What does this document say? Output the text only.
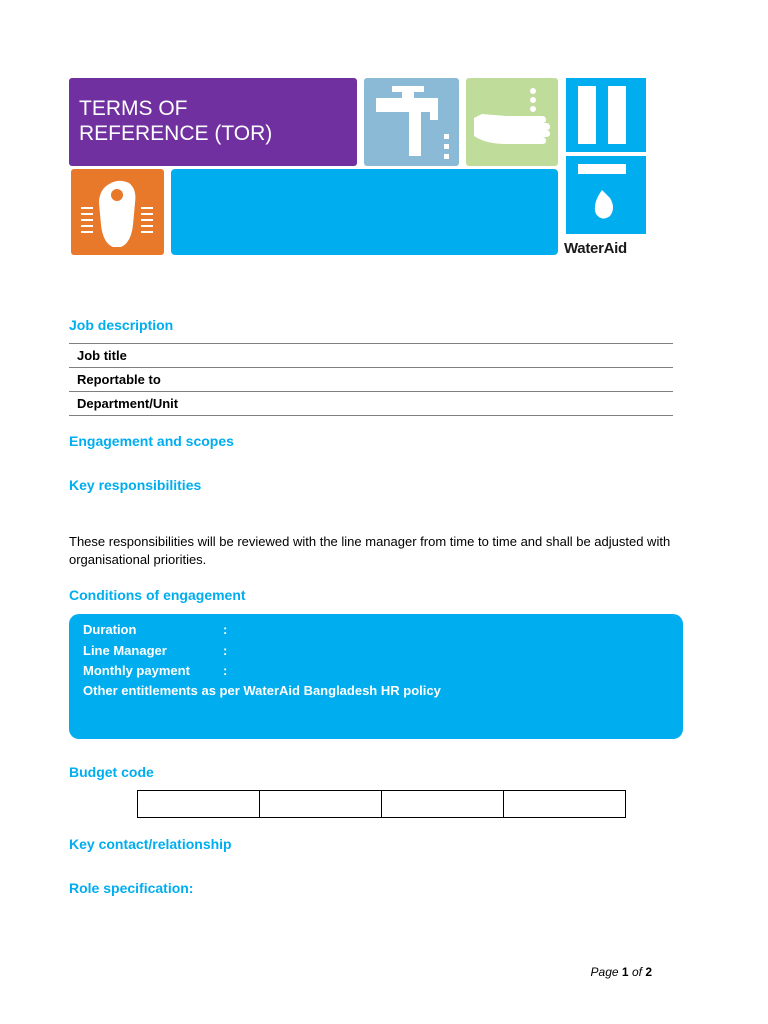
TERMS OF
REFERENCE (TOR)
WaterAid
Job description
Job title
Reportable to
Department/Unit
Engagement and scopes
Key responsibilities
These responsibilities will be reviewed with the line manager from time to time and shall be adjusted with organisational priorities.
Conditions of engagement
Duration	:
Line Manager	:
Monthly payment	:
Other entitlements as per WaterAid Bangladesh HR policy
Budget code

Key contact/relationship
Role specification:
Page 1 of 2
